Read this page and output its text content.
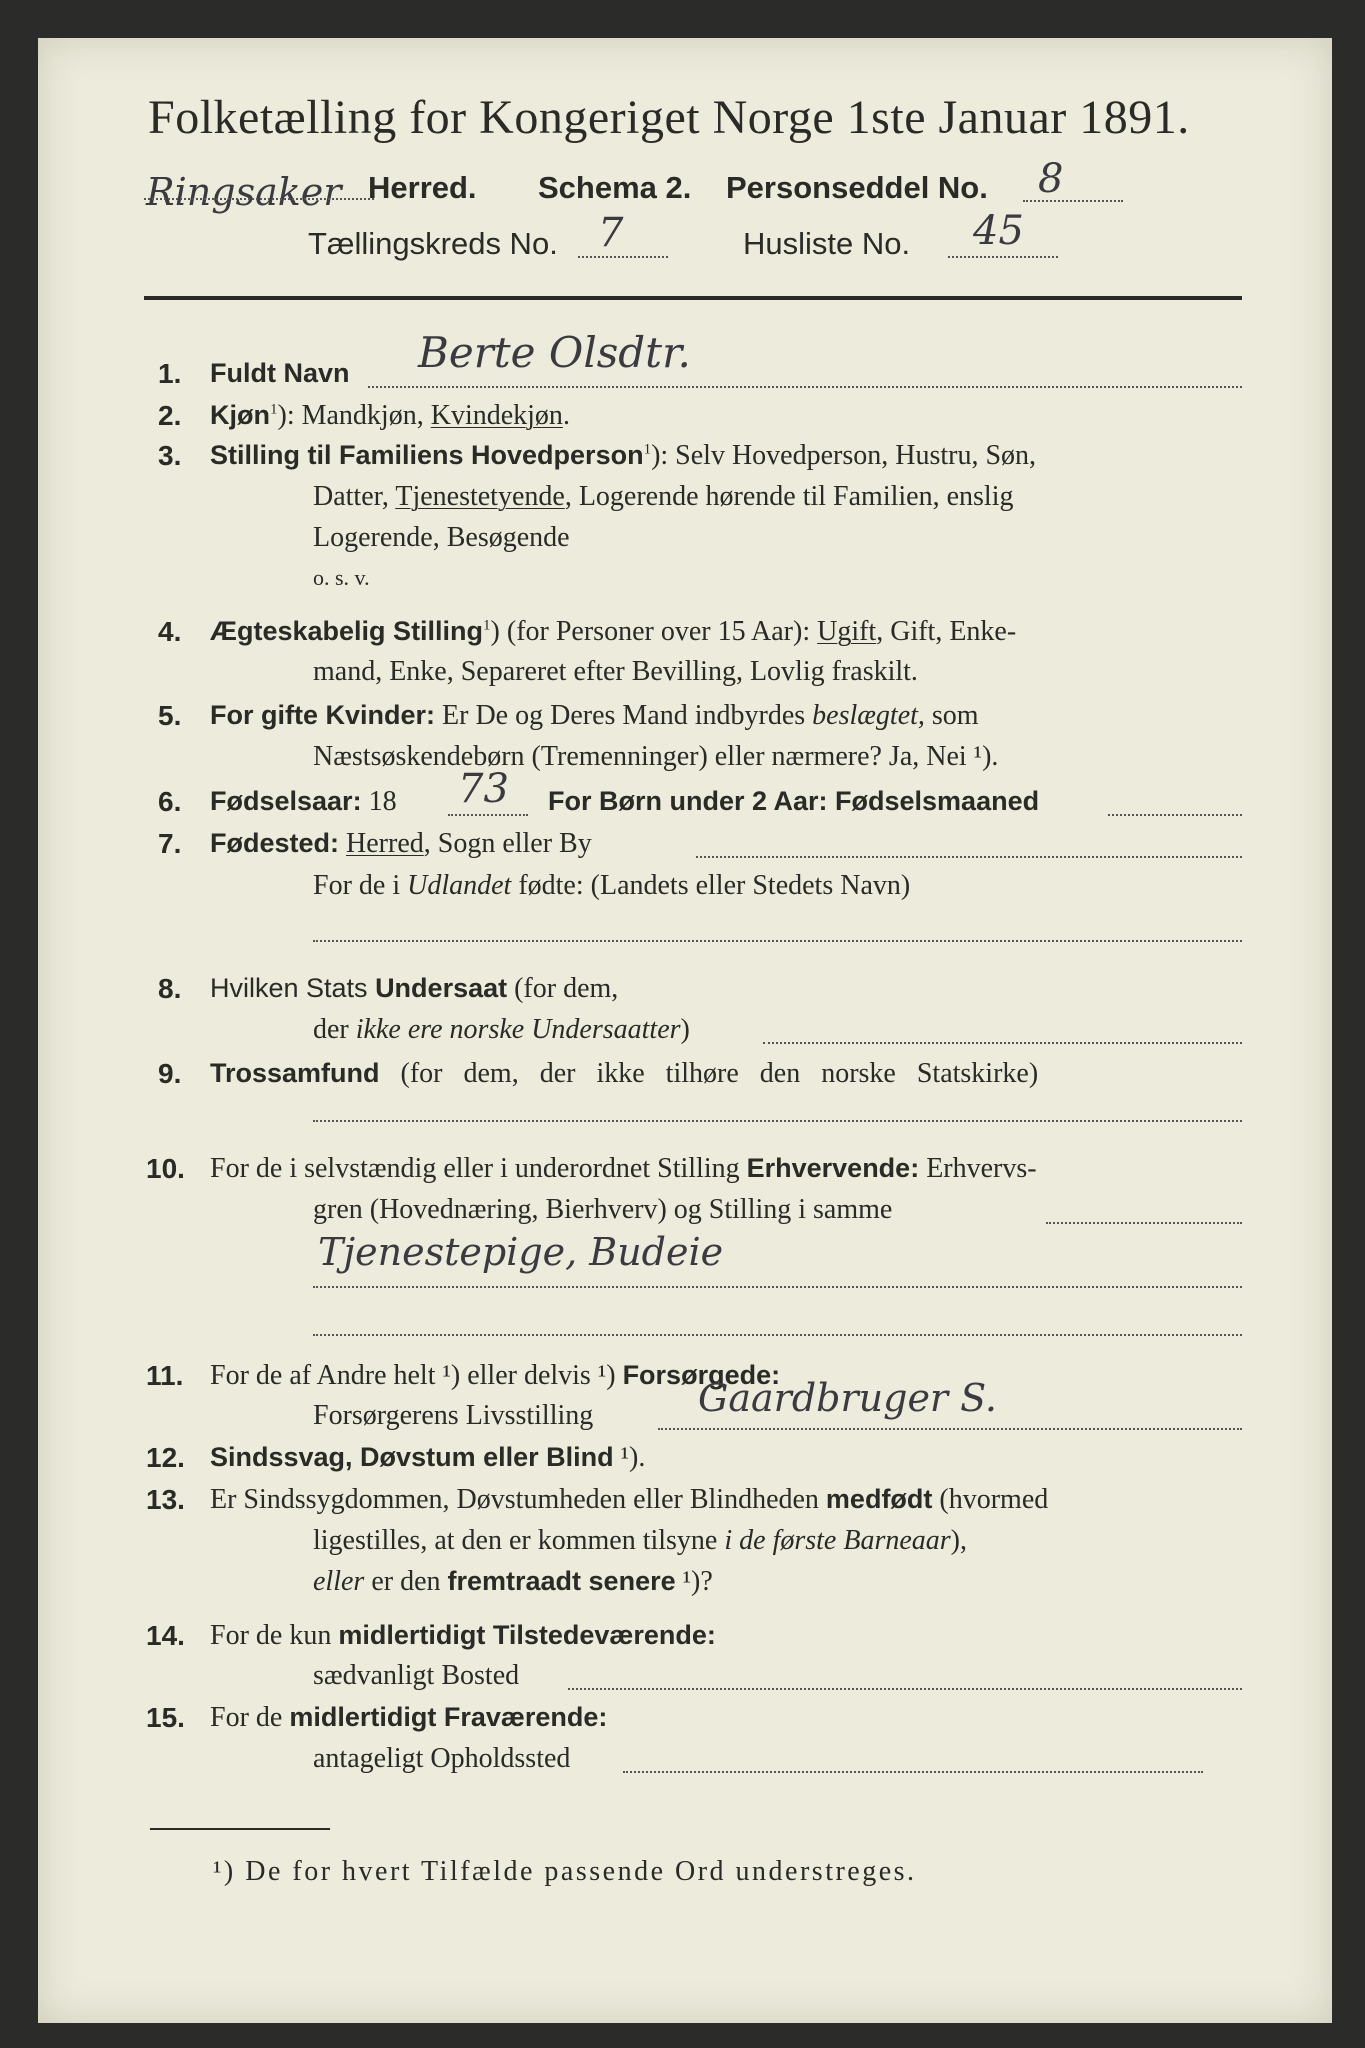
Folketælling for Kongeriget Norge 1ste Januar 1891.
Ringsaker Herred. Schema 2. Personseddel No. 8
Tællingskreds No. 7	Husliste No. 45
1. Fuldt Navn Berte Olsdtr.
2. Kjøn$^1$): Mandkjøn, Kvindekjøn.
3. Stilling til Familiens Hovedperson$^1$): Selv Hovedperson, Hustru, Søn,
Datter, Tjenestetyende, Logerende hørende til Familien, enslig
Logerende, Besøgende
o. s. v.
4. Ægteskabelig Stilling$^1$) (for Personer over 15 Aar): Ugift, Gift, Enke-
mand, Enke, Separeret efter Bevilling, Lovlig fraskilt.
5. For gifte Kvinder: Er De og Deres Mand indbyrdes beslægtet, som
Næstsøskendebørn (Tremenninger) eller nærmere? Ja, Nei ¹).
6. Fødselsaar: 18 73 For Børn under 2 Aar: Fødselsmaaned
7. Fødested: Herred, Sogn eller By
For de i Udlandet fødte: (Landets eller Stedets Navn)
8. Hvilken Stats Undersaat (for dem,
der ikke ere norske Undersaatter)
9. Trossamfund (for dem, der ikke tilhøre den norske Statskirke)
10. For de i selvstændig eller i underordnet Stilling Erhvervende: Erhvervs-
gren (Hovednæring, Bierhverv) og Stilling i samme
Tjenestepige, Budeie
11. For de af Andre helt ¹) eller delvis ¹) Forsørgede:
Forsørgerens Livsstilling	Gaardbruger S.
12. Sindssvag, Døvstum eller Blind ¹).
13. Er Sindssygdommen, Døvstumheden eller Blindheden medfødt (hvormed
ligestilles, at den er kommen tilsyne i de første Barneaar),
eller er den fremtraadt senere ¹)?
14. For de kun midlertidigt Tilstedeværende:
sædvanligt Bosted
15. For de midlertidigt Fraværende:
antageligt Opholdssted
¹) De for hvert Tilfælde passende Ord understreges.
